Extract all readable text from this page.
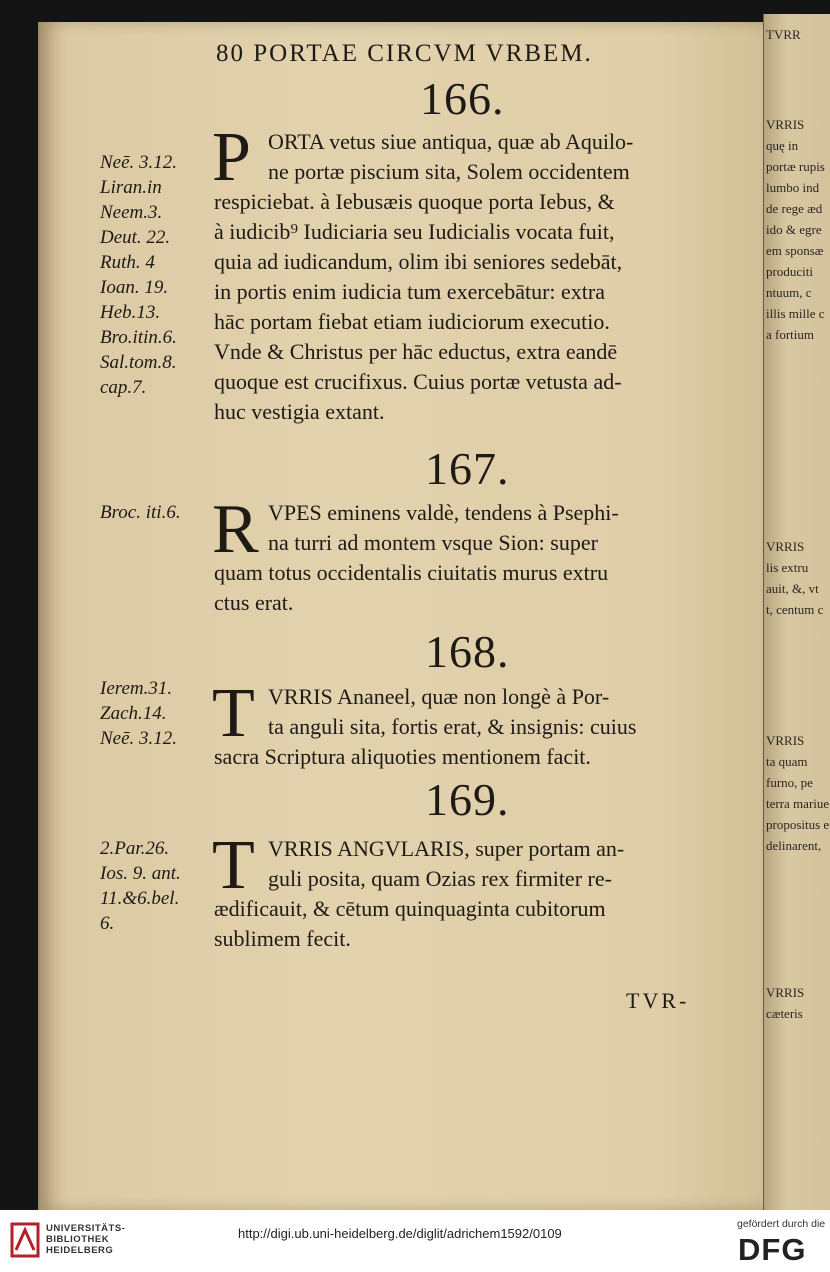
TVRR
VRRIS
quę in
portæ rupis
lumbo ind
de rege æd
ido & egre
em sponsæ
produciti
ntuum, c
illis mille c
a fortium
VRRIS
lis extru
auit, &, vt
t, centum c
VRRIS
ta quam
furno, pe
terra mariue
propositus e
delinarent,
VRRIS
cæteris
80 PORTAE CIRCVM VRBEM.
166.
Neē. 3.12.
Liran.in
Neem.3.
Deut. 22.
Ruth. 4
Ioan. 19.
Heb.13.
Bro.itin.6.
Sal.tom.8.
cap.7.
P ORTA vetus siue antiqua, quæ ab Aquilo-
ne portæ piscium sita, Solem occidentem
respiciebat. à Iebusæis quoque porta Iebus, &
à iudicib⁹ Iudiciaria seu Iudicialis vocata fuit,
quia ad iudicandum, olim ibi seniores sedebāt,
in portis enim iudicia tum exercebātur: extra
hāc portam fiebat etiam iudiciorum executio.
Vnde & Christus per hāc eductus, extra eandē
quoque est crucifixus. Cuius portæ vetusta ad-
huc vestigia extant.
167.
Broc. iti.6. R VPES eminens valdè, tendens à Psephi-
na turri ad montem vsque Sion: super
quam totus occidentalis ciuitatis murus extru
ctus erat.
168.
Ierem.31.
Zach.14.
Neē. 3.12. T VRRIS Ananeel, quæ non longè à Por-
ta anguli sita, fortis erat, & insignis: cuius
sacra Scriptura aliquoties mentionem facit.
169.
2.Par.26.
Ios. 9. ant.
11.&6.bel.
6.
T VRRIS ANGVLARIS, super portam an-
guli posita, quam Ozias rex firmiter re-
ædificauit, & cētum quinquaginta cubitorum
sublimem fecit.
TVR-
UNIVERSITÄTS-
BIBLIOTHEK
HEIDELBERG
http://digi.ub.uni-heidelberg.de/diglit/adrichem1592/0109
gefördert durch die
DFG
